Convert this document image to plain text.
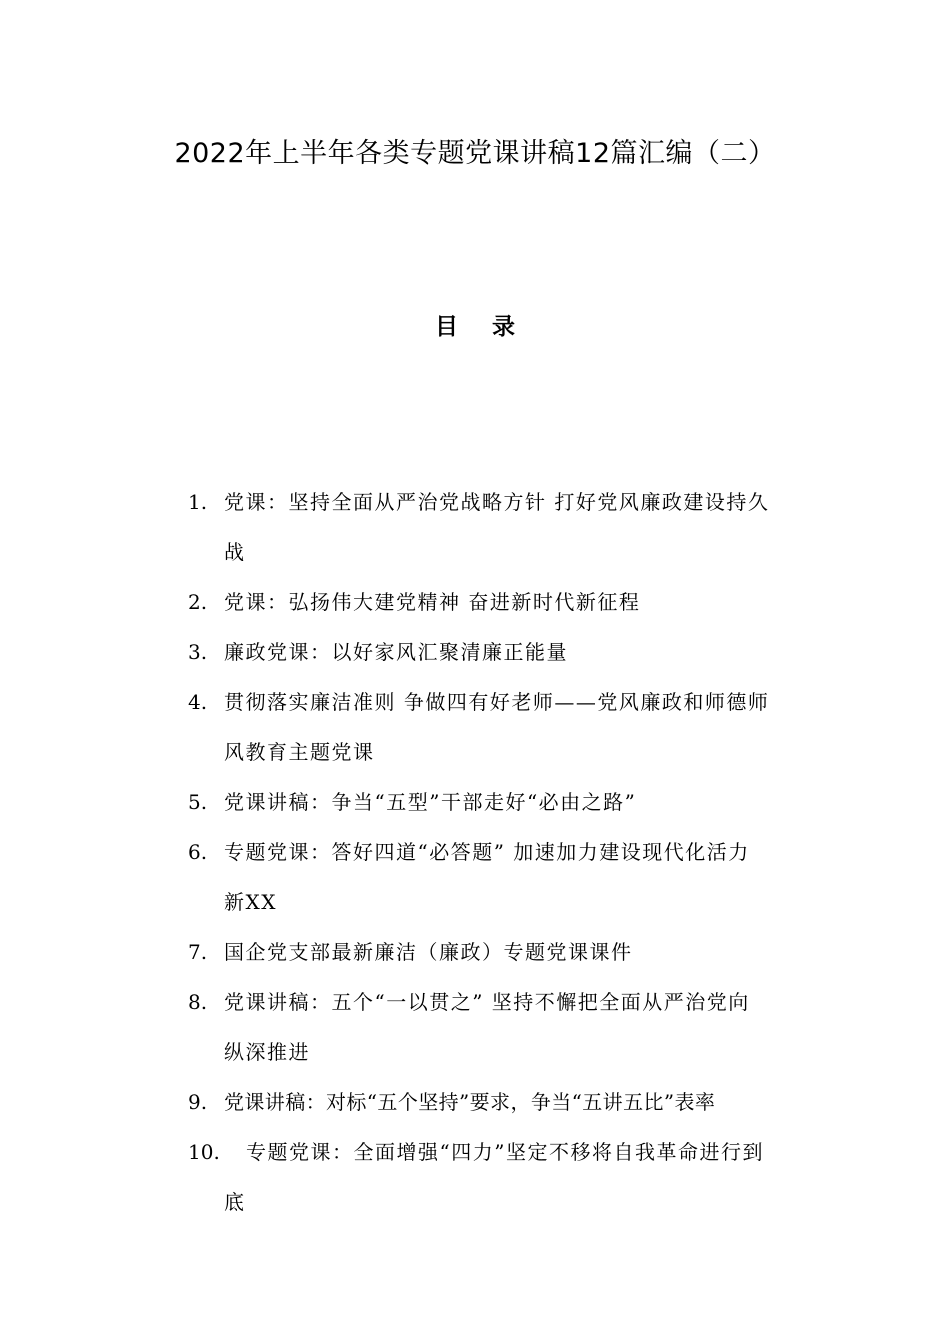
2022年上半年各类专题党课讲稿12篇汇编（二）
目 录
1. 党课：坚持全面从严治党战略方针 打好党风廉政建设持久
战
2. 党课：弘扬伟大建党精神 奋进新时代新征程
3. 廉政党课：以好家风汇聚清廉正能量
4. 贯彻落实廉洁准则 争做四有好老师——党风廉政和师德师
风教育主题党课
5. 党课讲稿：争当“五型”干部走好“必由之路”
6. 专题党课：答好四道“必答题” 加速加力建设现代化活力
新XX
7. 国企党支部最新廉洁（廉政）专题党课课件
8. 党课讲稿：五个“一以贯之” 坚持不懈把全面从严治党向
纵深推进
9. 党课讲稿：对标“五个坚持”要求，争当“五讲五比”表率
10. 专题党课：全面增强“四力”坚定不移将自我革命进行到
底
